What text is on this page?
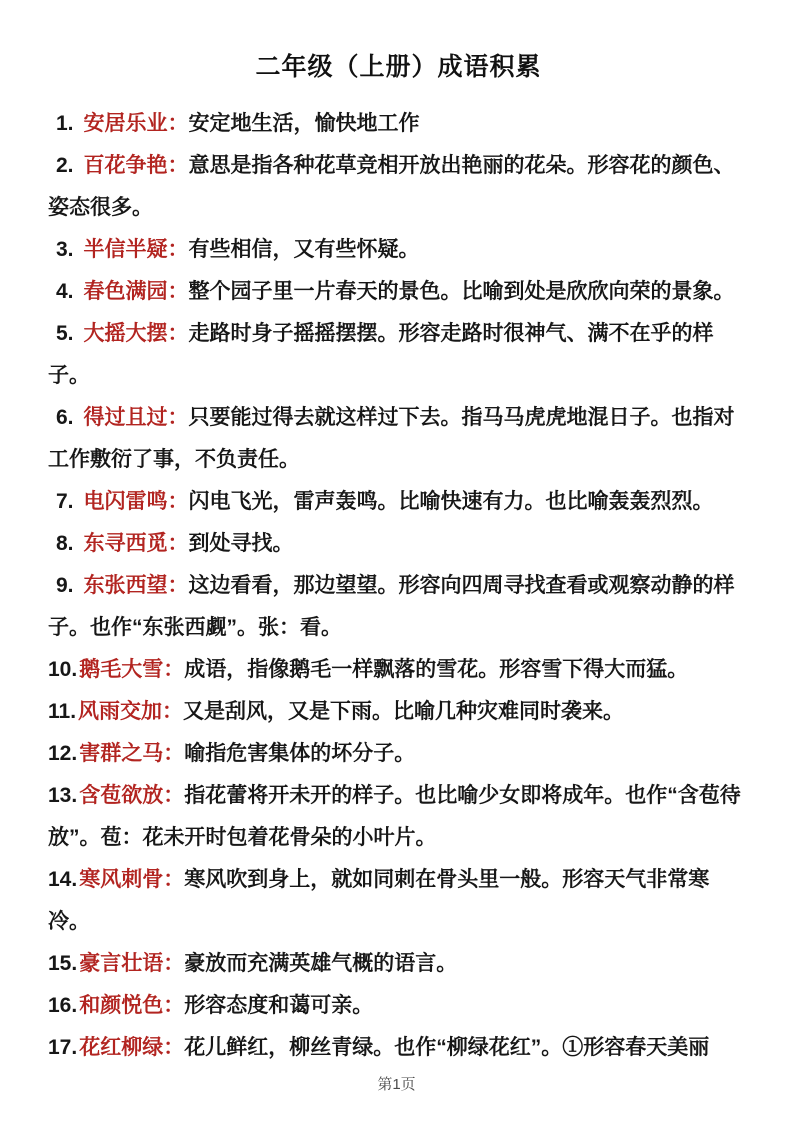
二年级（上册）成语积累

1. 安居乐业：安定地生活，愉快地工作

2. 百花争艳：意思是指各种花草竞相开放出艳丽的花朵。形容花的颜色、姿态很多。

3. 半信半疑：有些相信，又有些怀疑。

4. 春色满园：整个园子里一片春天的景色。比喻到处是欣欣向荣的景象。

5. 大摇大摆：走路时身子摇摇摆摆。形容走路时很神气、满不在乎的样子。

6. 得过且过：只要能过得去就这样过下去。指马马虎虎地混日子。也指对工作敷衍了事，不负责任。

7. 电闪雷鸣：闪电飞光，雷声轰鸣。比喻快速有力。也比喻轰轰烈烈。

8. 东寻西觅：到处寻找。

9. 东张西望：这边看看，那边望望。形容向四周寻找查看或观察动静的样子。也作“东张西觑”。张：看。

10.鹅毛大雪：成语，指像鹅毛一样飘落的雪花。形容雪下得大而猛。

11.风雨交加：又是刮风，又是下雨。比喻几种灾难同时袭来。

12.害群之马：喻指危害集体的坏分子。

13.含苞欲放：指花蕾将开未开的样子。也比喻少女即将成年。也作“含苞待放”。苞：花未开时包着花骨朵的小叶片。

14.寒风刺骨：寒风吹到身上，就如同刺在骨头里一般。形容天气非常寒冷。

15.豪言壮语：豪放而充满英雄气概的语言。

16.和颜悦色：形容态度和蔼可亲。

17.花红柳绿：花儿鲜红，柳丝青绿。也作“柳绿花红”。①形容春天美丽

第1页
